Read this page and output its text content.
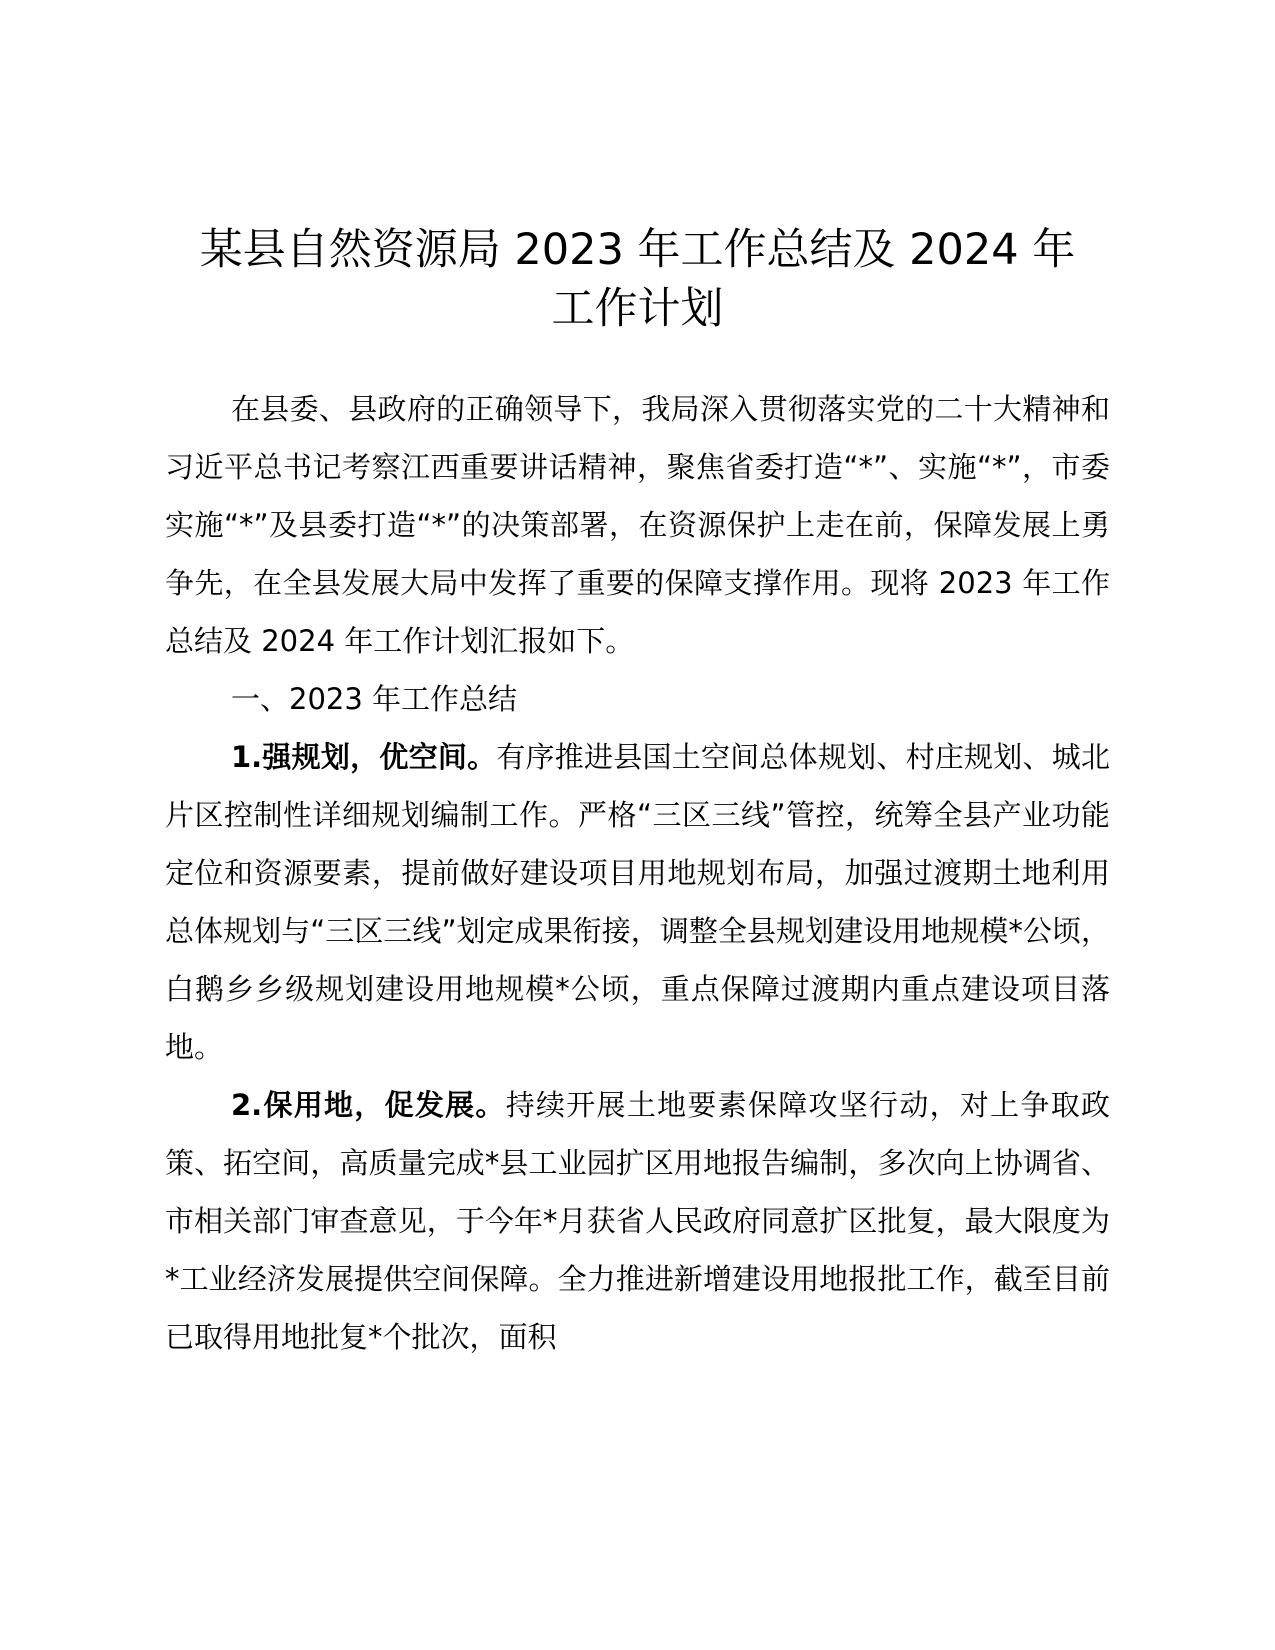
某县自然资源局 2023 年工作总结及 2024 年
工作计划

在县委、县政府的正确领导下，我局深入贯彻落实党的二十大精神和习近平总书记考察江西重要讲话精神，聚焦省委打造“*”、实施“*”，市委实施“*”及县委打造“*”的决策部署，在资源保护上走在前，保障发展上勇争先，在全县发展大局中发挥了重要的保障支撑作用。现将 2023 年工作总结及 2024 年工作计划汇报如下。

一、2023 年工作总结

1.强规划，优空间。有序推进县国土空间总体规划、村庄规划、城北片区控制性详细规划编制工作。严格“三区三线”管控，统筹全县产业功能定位和资源要素，提前做好建设项目用地规划布局，加强过渡期土地利用总体规划与“三区三线”划定成果衔接，调整全县规划建设用地规模*公顷，白鹅乡乡级规划建设用地规模*公顷，重点保障过渡期内重点建设项目落地。

2.保用地，促发展。持续开展土地要素保障攻坚行动，对上争取政策、拓空间，高质量完成*县工业园扩区用地报告编制，多次向上协调省、市相关部门审查意见，于今年*月获省人民政府同意扩区批复，最大限度为*工业经济发展提供空间保障。全力推进新增建设用地报批工作，截至目前已取得用地批复*个批次，面积
